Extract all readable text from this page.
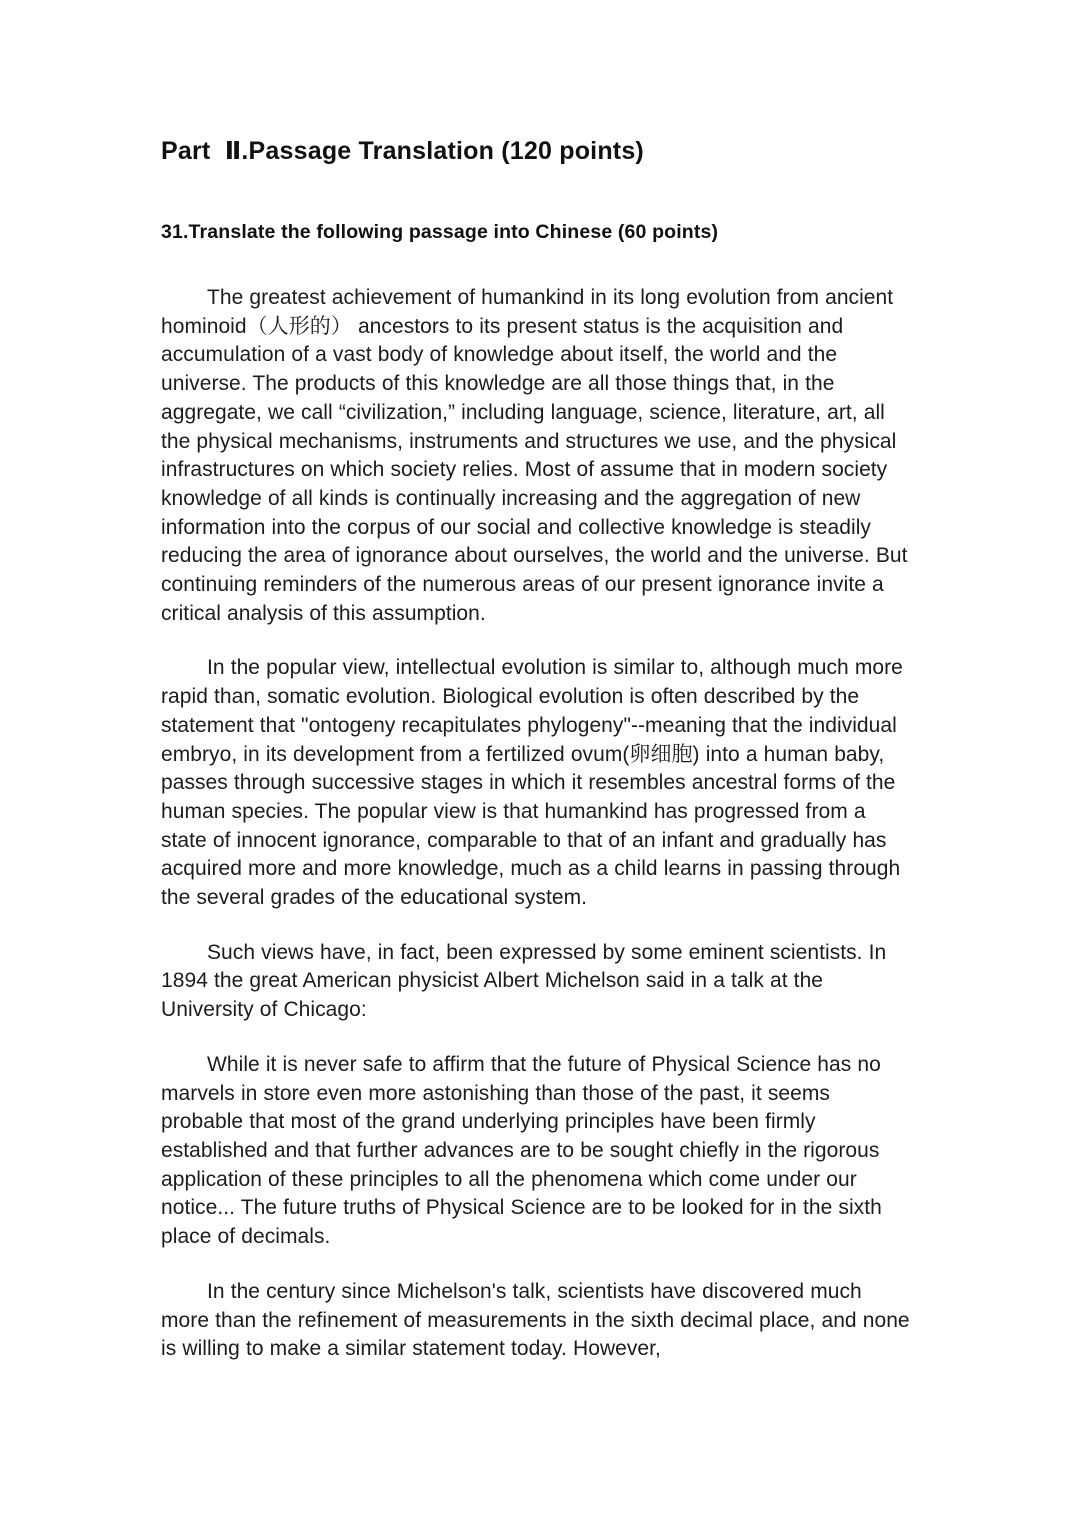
Part  Ⅱ.Passage Translation (120 points)
31.Translate the following passage into Chinese (60 points)

The greatest achievement of humankind in its long evolution from ancient hominoid（人形的） ancestors to its present status is the acquisition and accumulation of a vast body of knowledge about itself, the world and the universe. The products of this knowledge are all those things that, in the aggregate, we call “civilization,” including language, science, literature, art, all the physical mechanisms, instruments and structures we use, and the physical infrastructures on which society relies. Most of assume that in modern society knowledge of all kinds is continually increasing and the aggregation of new information into the corpus of our social and collective knowledge is steadily reducing the area of ignorance about ourselves, the world and the universe. But continuing reminders of the numerous areas of our present ignorance invite a critical analysis of this assumption.

In the popular view, intellectual evolution is similar to, although much more rapid than, somatic evolution. Biological evolution is often described by the statement that "ontogeny recapitulates phylogeny"--meaning that the individual embryo, in its development from a fertilized ovum(卵细胞) into a human baby, passes through successive stages in which it resembles ancestral forms of the human species. The popular view is that humankind has progressed from a state of innocent ignorance, comparable to that of an infant and gradually has acquired more and more knowledge, much as a child learns in passing through the several grades of the educational system.

Such views have, in fact, been expressed by some eminent scientists. In 1894 the great American physicist Albert Michelson said in a talk at the University of Chicago:

While it is never safe to affirm that the future of Physical Science has no marvels in store even more astonishing than those of the past, it seems probable that most of the grand underlying principles have been firmly established and that further advances are to be sought chiefly in the rigorous application of these principles to all the phenomena which come under our notice... The future truths of Physical Science are to be looked for in the sixth place of decimals.

In the century since Michelson's talk, scientists have discovered much more than the refinement of measurements in the sixth decimal place, and none is willing to make a similar statement today. However,
